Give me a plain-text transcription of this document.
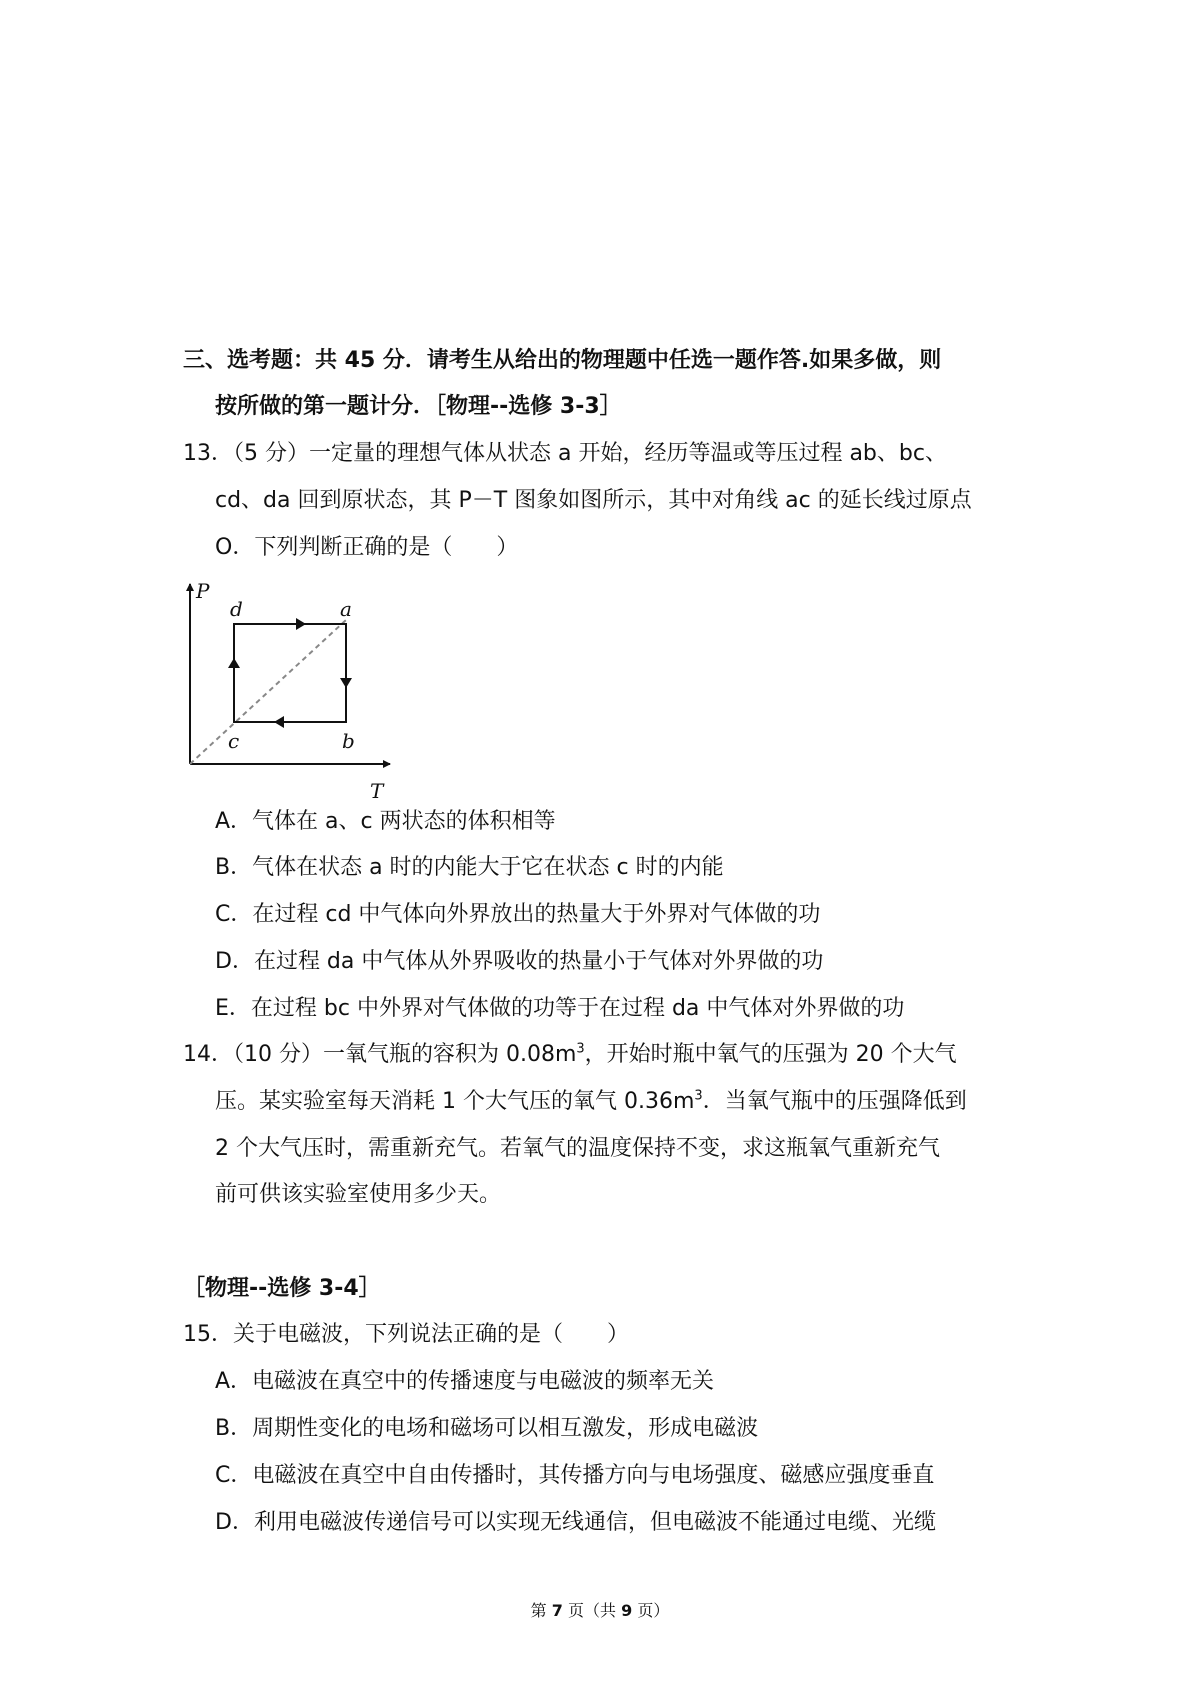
三、选考题：共 45 分．请考生从给出的物理题中任选一题作答.如果多做，则
按所做的第一题计分．［物理--选修 3-3］
13．（5 分）一定量的理想气体从状态 a 开始，经历等温或等压过程 ab、bc、
cd、da 回到原状态，其 P－T 图象如图所示，其中对角线 ac 的延长线过原点
O．下列判断正确的是（　　）
P
T
d	a
c	b
A．气体在 a、c 两状态的体积相等
B．气体在状态 a 时的内能大于它在状态 c 时的内能
C．在过程 cd 中气体向外界放出的热量大于外界对气体做的功
D．在过程 da 中气体从外界吸收的热量小于气体对外界做的功
E．在过程 bc 中外界对气体做的功等于在过程 da 中气体对外界做的功
14．（10 分）一氧气瓶的容积为 $0.08m^3$，开始时瓶中氧气的压强为 20 个大气
压。某实验室每天消耗 1 个大气压的氧气 $0.36m^3$．当氧气瓶中的压强降低到
2 个大气压时，需重新充气。若氧气的温度保持不变，求这瓶氧气重新充气
前可供该实验室使用多少天。
［物理--选修 3-4］
15．关于电磁波，下列说法正确的是（　　）
A．电磁波在真空中的传播速度与电磁波的频率无关
B．周期性变化的电场和磁场可以相互激发，形成电磁波
C．电磁波在真空中自由传播时，其传播方向与电场强度、磁感应强度垂直
D．利用电磁波传递信号可以实现无线通信，但电磁波不能通过电缆、光缆
第 7 页（共 9 页）
